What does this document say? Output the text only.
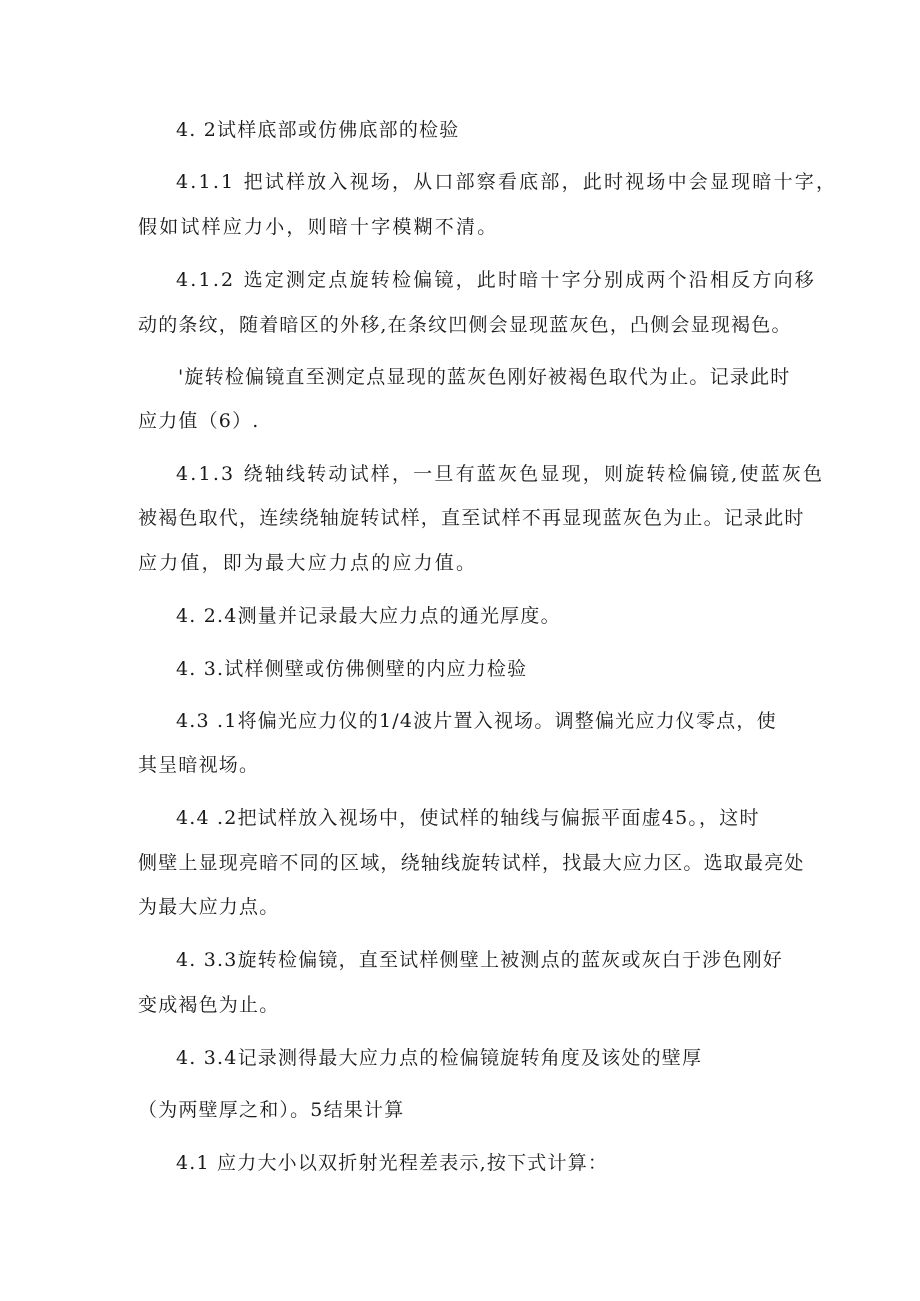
4. 2试样底部或仿佛底部的检验

4.1.1 把试样放入视场，从口部察看底部，此时视场中会显现暗十字，

假如试样应力小，则暗十字模糊不清。

4.1.2 选定测定点旋转检偏镜，此时暗十字分别成两个沿相反方向移

动的条纹，随着暗区的外移,在条纹凹侧会显现蓝灰色，凸侧会显现褐色。

'旋转检偏镜直至测定点显现的蓝灰色刚好被褐色取代为止。记录此时

应力值（6）.

4.1.3 绕轴线转动试样，一旦有蓝灰色显现，则旋转检偏镜,使蓝灰色

被褐色取代，连续绕轴旋转试样，直至试样不再显现蓝灰色为止。记录此时

应力值，即为最大应力点的应力值。

4. 2.4测量并记录最大应力点的通光厚度。

4. 3.试样侧壁或仿佛侧壁的内应力检验

4.3 .1将偏光应力仪的1/4波片置入视场。调整偏光应力仪零点，使

其呈暗视场。

4.4 .2把试样放入视场中，使试样的轴线与偏振平面虚45。，这时

侧壁上显现亮暗不同的区域，绕轴线旋转试样，找最大应力区。选取最亮处

为最大应力点。

4. 3.3旋转检偏镜，直至试样侧壁上被测点的蓝灰或灰白于涉色刚好

变成褐色为止。

4. 3.4记录测得最大应力点的检偏镜旋转角度及该处的壁厚

（为两壁厚之和）。5结果计算

4.1 应力大小以双折射光程差表示,按下式计算：
